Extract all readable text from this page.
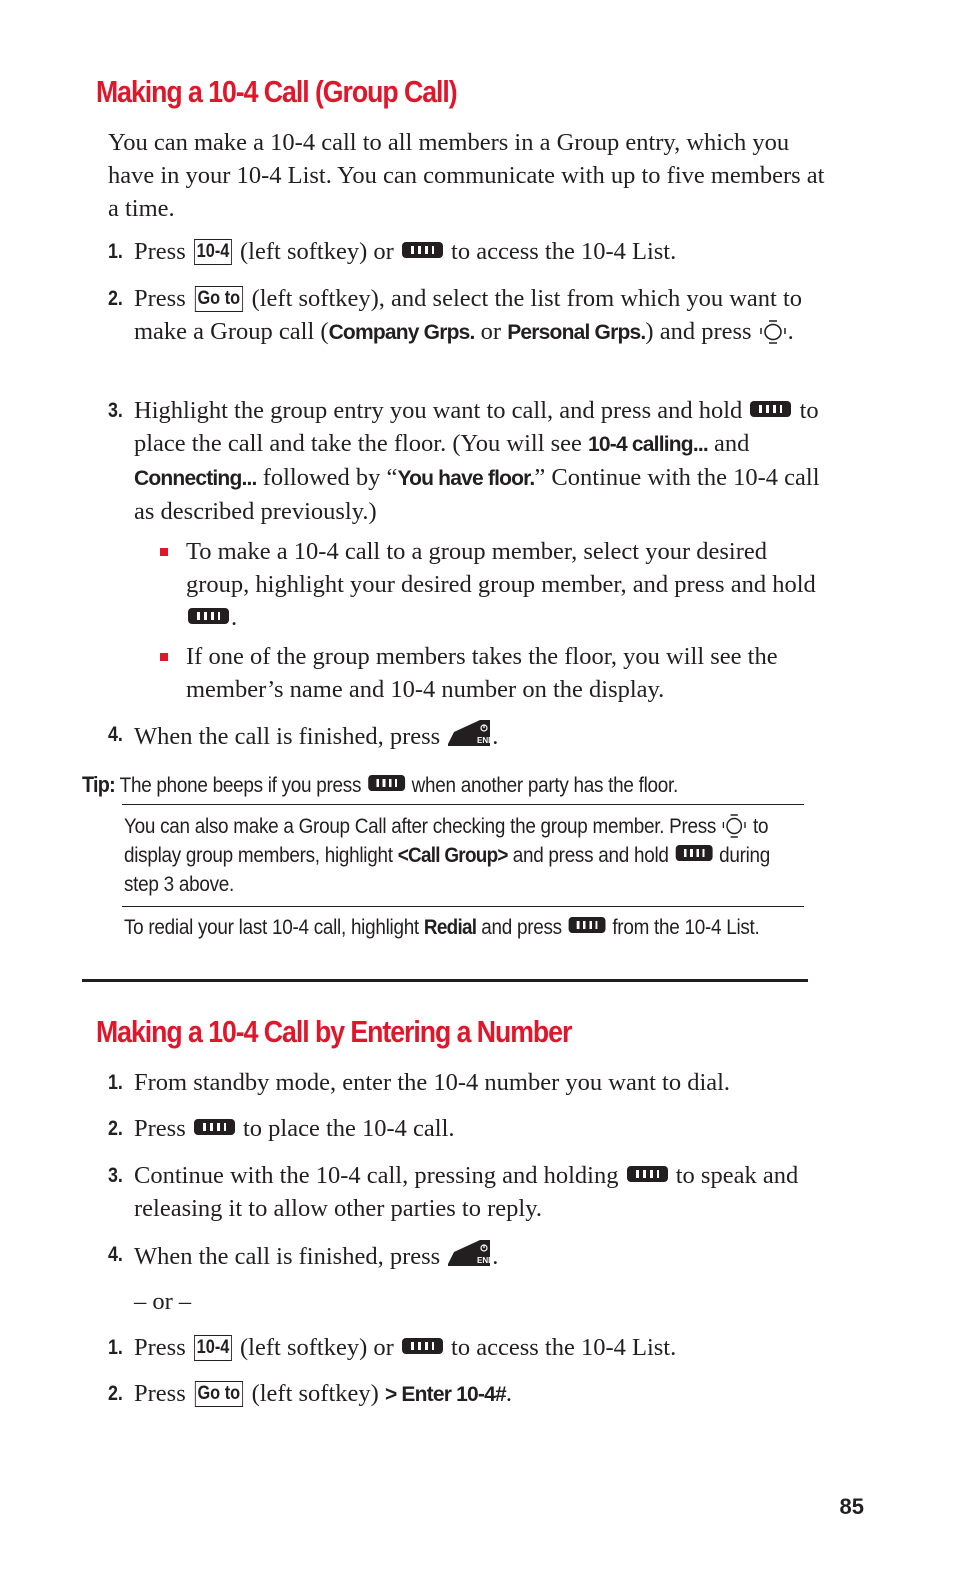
Making a 10-4 Call (Group Call)
You can make a 10-4 call to all members in a Group entry, which you have in your 10-4 List. You can communicate with up to five members at a time.
1. Press 10-4 (left softkey) or  to access the 10-4 List.
2. Press Go to (left softkey), and select the list from which you want to make a Group call (Company Grps. or Personal Grps.) and press
.
3. Highlight the group entry you want to call, and press and hold  to place the call and take the floor. (You will see 10-4 calling... and Connecting... followed by “You have floor.” Continue with the 10-4 call as described previously.)
To make a 10-4 call to a group member, select your desired group, highlight your desired group member, and press and hold .
If one of the group members takes the floor, you will see the member’s name and 10-4 number on the display.
4. When the call is finished, press	END
.
Tip: The phone beeps if you press  when another party has the floor.
You can also make a Group Call after checking the group member. Press
to display group members, highlight <Call Group> and press and hold  during step 3 above.
To redial your last 10-4 call, highlight Redial and press  from the 10-4 List.
Making a 10-4 Call by Entering a Number
1. From standby mode, enter the 10-4 number you want to dial.
2. Press  to place the 10-4 call.
3. Continue with the 10-4 call, pressing and holding  to speak and releasing it to allow other parties to reply.
4. When the call is finished, press	END
.
– or –
1. Press 10-4 (left softkey) or  to access the 10-4 List.
2. Press Go to (left softkey) > Enter 10-4#.
85
